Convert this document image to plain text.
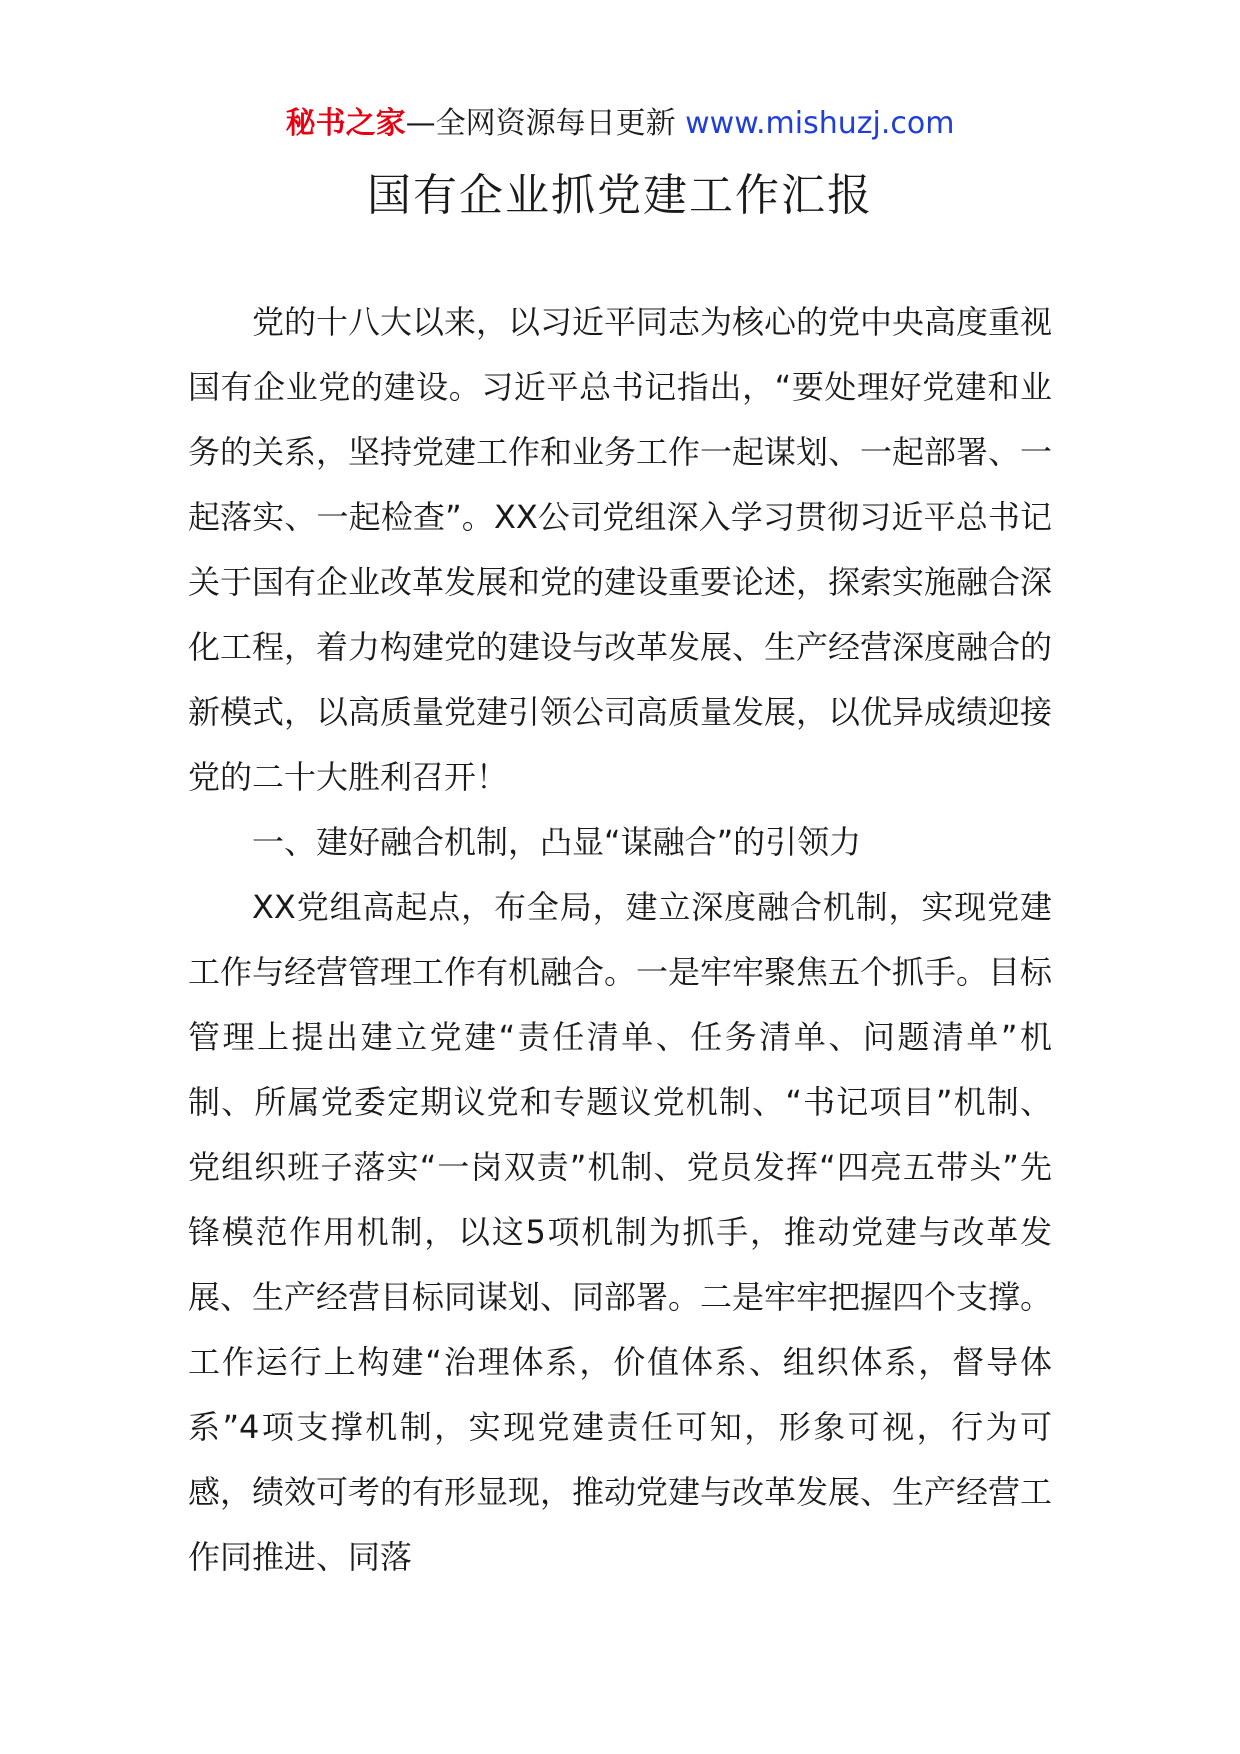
秘书之家—全网资源每日更新 www.mishuzj.com
国有企业抓党建工作汇报

党的十八大以来，以习近平同志为核心的党中央高度重视国有企业党的建设。习近平总书记指出，“要处理好党建和业务的关系，坚持党建工作和业务工作一起谋划、一起部署、一起落实、一起检查”。XX公司党组深入学习贯彻习近平总书记关于国有企业改革发展和党的建设重要论述，探索实施融合深化工程，着力构建党的建设与改革发展、生产经营深度融合的新模式，以高质量党建引领公司高质量发展，以优异成绩迎接党的二十大胜利召开！

一、建好融合机制，凸显“谋融合”的引领力

XX党组高起点，布全局，建立深度融合机制，实现党建工作与经营管理工作有机融合。一是牢牢聚焦五个抓手。目标管理上提出建立党建“责任清单、任务清单、问题清单”机制、所属党委定期议党和专题议党机制、“书记项目”机制、党组织班子落实“一岗双责”机制、党员发挥“四亮五带头”先锋模范作用机制，以这5项机制为抓手，推动党建与改革发展、生产经营目标同谋划、同部署。二是牢牢把握四个支撑。工作运行上构建“治理体系，价值体系、组织体系，督导体系”4项支撑机制，实现党建责任可知，形象可视，行为可感，绩效可考的有形显现，推动党建与改革发展、生产经营工作同推进、同落
